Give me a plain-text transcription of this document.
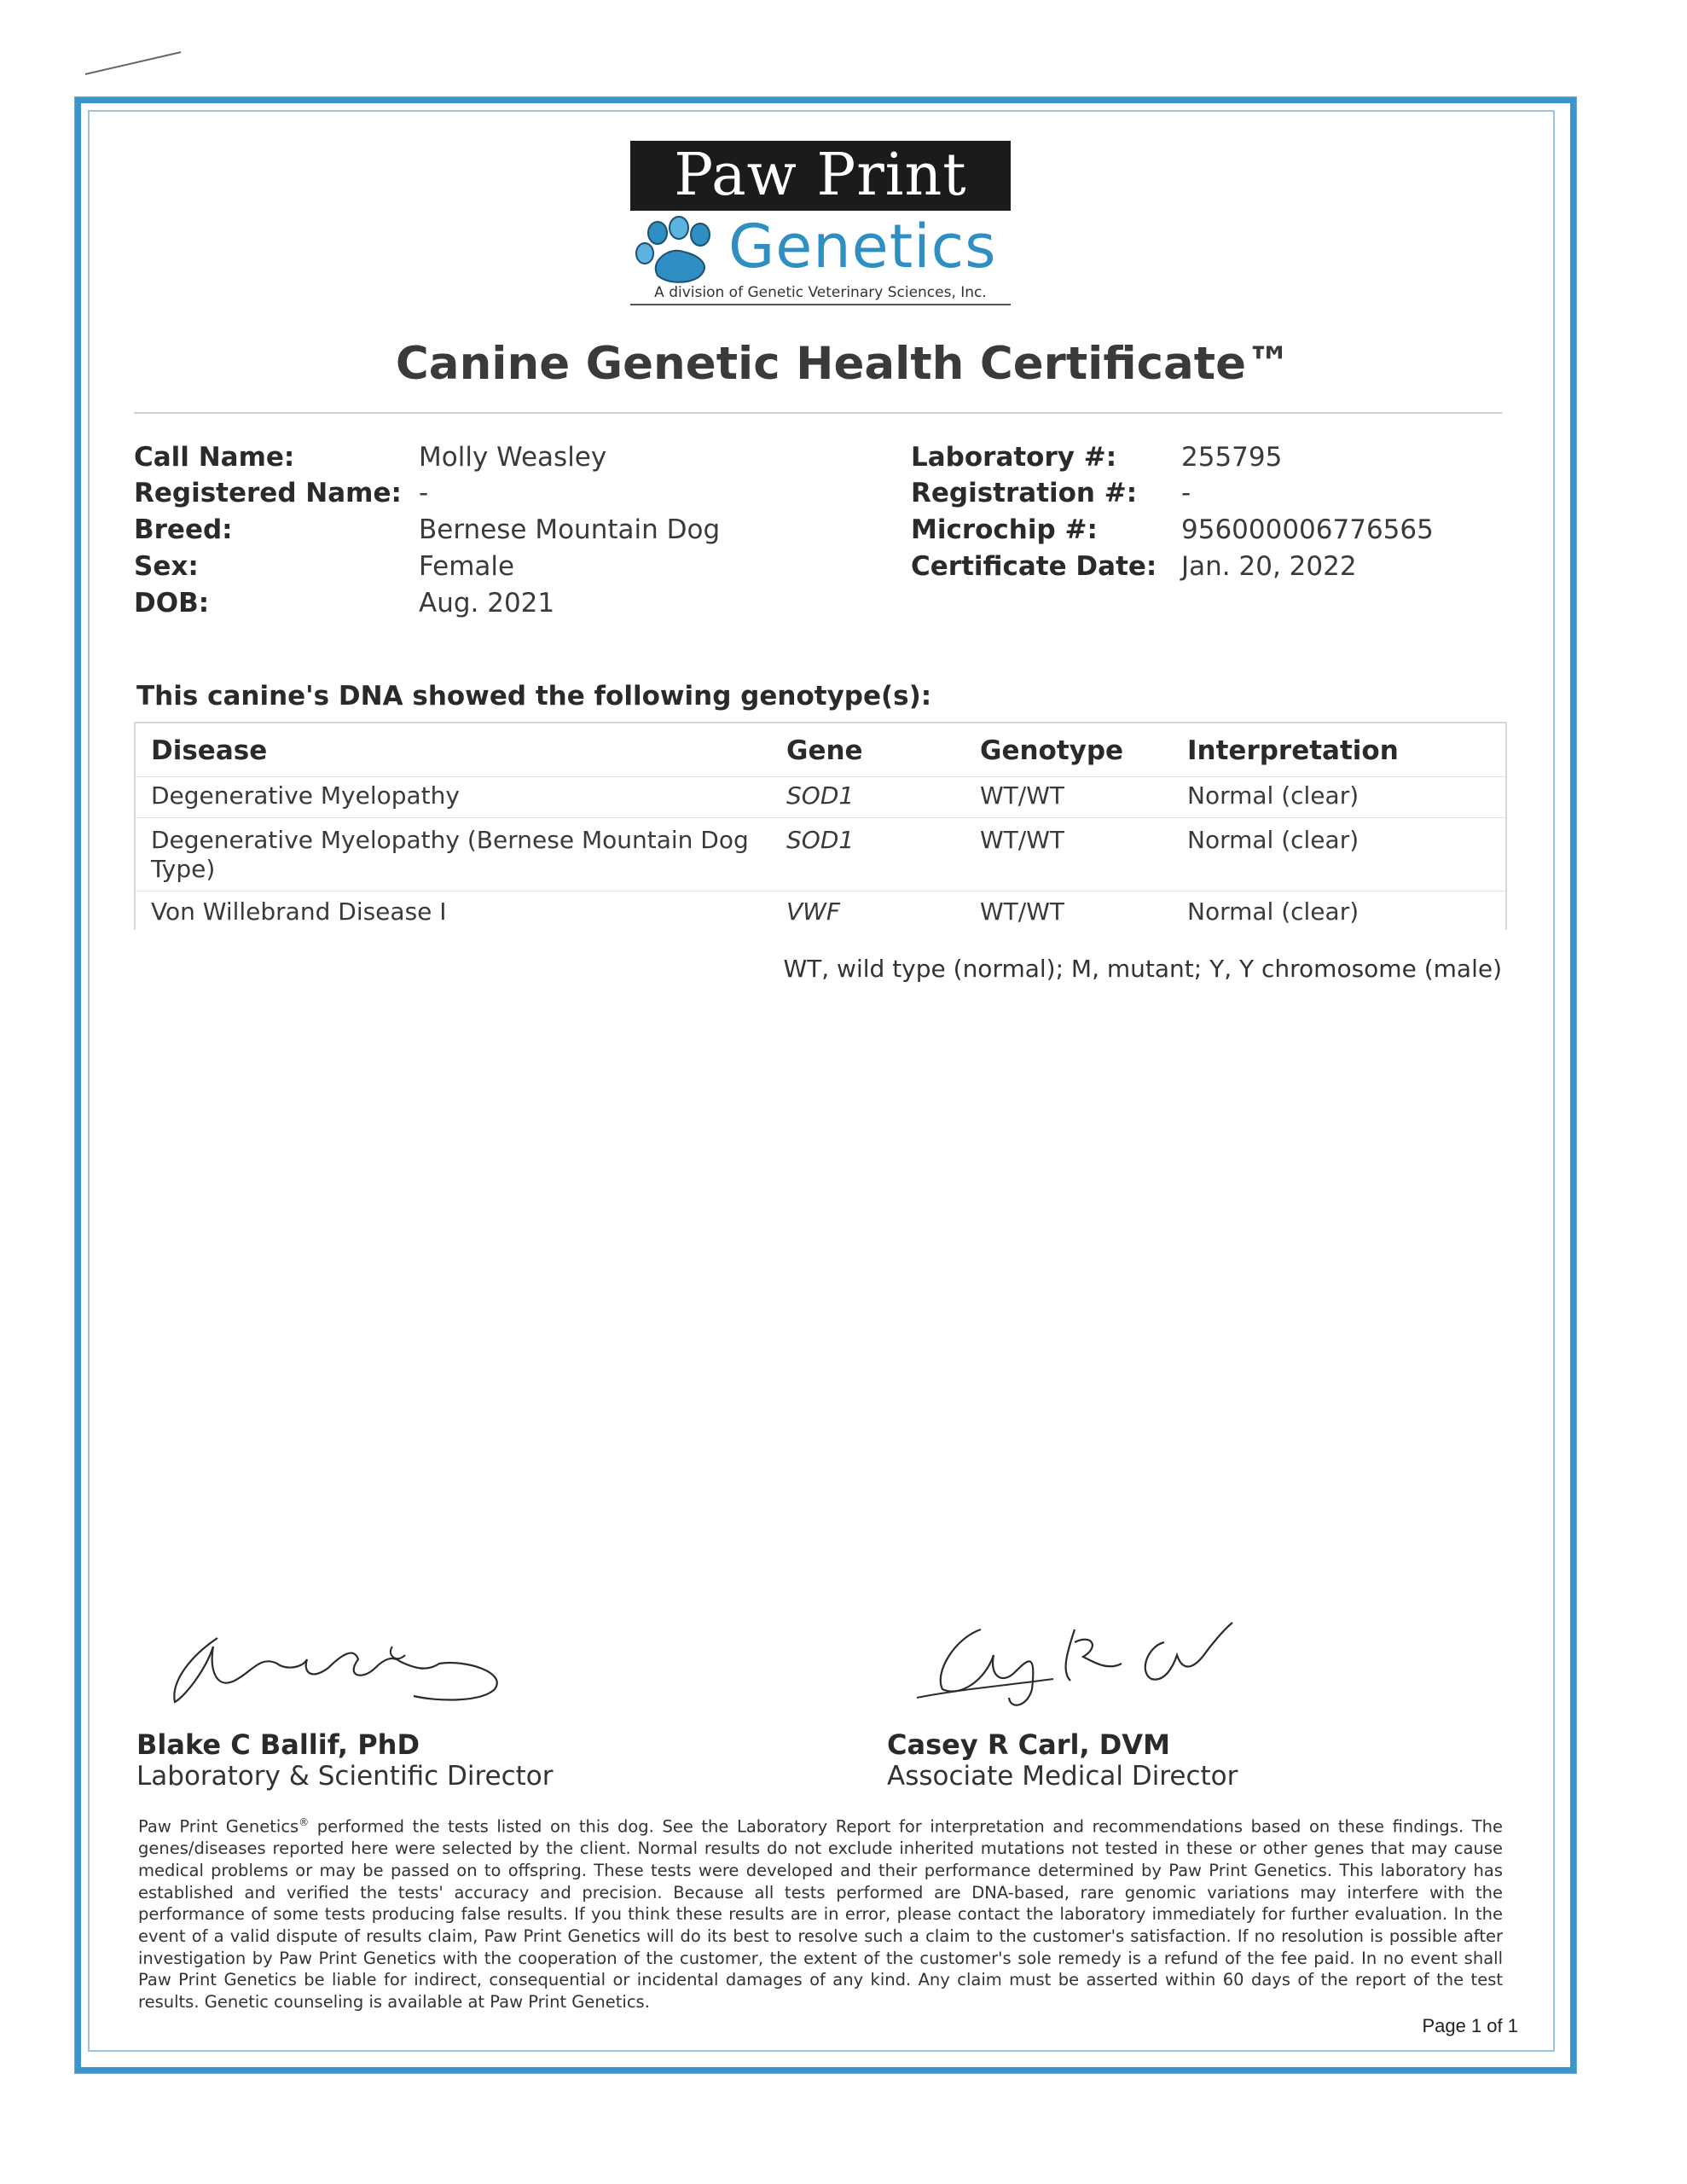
Paw Print
Genetics
A division of Genetic Veterinary Sciences, Inc.
Canine Genetic Health Certificate™
Call Name:	Molly Weasley
Registered Name: -
Breed:	Bernese Mountain Dog
Sex:	Female
DOB:	Aug. 2021
Laboratory #: 255795
Registration #: -
Microchip #:	956000006776565
Certificate Date: Jan. 20, 2022
This canine's DNA showed the following genotype(s):
Disease	Gene	Genotype Interpretation
Degenerative Myelopathy	SOD1	WT/WT	Normal (clear)
Degenerative Myelopathy (Bernese Mountain Dog
Type)
SOD1	WT/WT	Normal (clear)
Von Willebrand Disease I	VWF	WT/WT	Normal (clear)
WT, wild type (normal); M, mutant; Y, Y chromosome (male)
Blake C Ballif, PhD
Laboratory & Scientific Director
Casey R Carl, DVM
Associate Medical Director
Paw Print Genetics® performed the tests listed on this dog. See the Laboratory Report for interpretation and recommendations based on these findings. The genes/diseases reported here were selected by the client. Normal results do not exclude inherited mutations not tested in these or other genes that may cause medical problems or may be passed on to offspring. These tests were developed and their performance determined by Paw Print Genetics. This laboratory has established and verified the tests' accuracy and precision. Because all tests performed are DNA-based, rare genomic variations may interfere with the performance of some tests producing false results. If you think these results are in error, please contact the laboratory immediately for further evaluation. In the event of a valid dispute of results claim, Paw Print Genetics will do its best to resolve such a claim to the customer's satisfaction. If no resolution is possible after investigation by Paw Print Genetics with the cooperation of the customer, the extent of the customer's sole remedy is a refund of the fee paid. In no event shall Paw Print Genetics be liable for indirect, consequential or incidental damages of any kind. Any claim must be asserted within 60 days of the report of the test results. Genetic counseling is available at Paw Print Genetics.
Page 1 of 1
